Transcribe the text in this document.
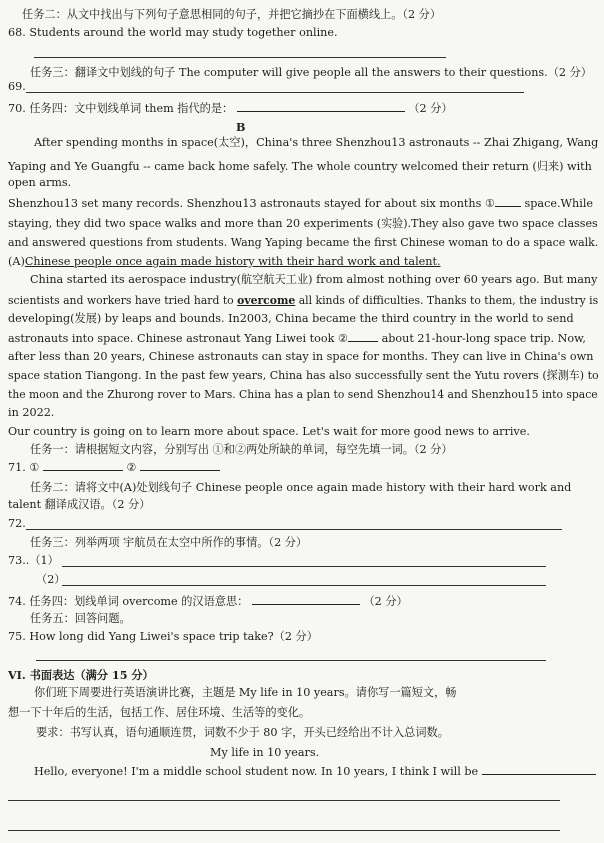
任务二：从文中找出与下列句子意思相同的句子，并把它摘抄在下面横线上。（2 分）
68. Students around the world may study together online.
任务三：翻译文中划线的句子 The computer will give people all the answers to their questions.（2 分）
69.
70. 任务四：文中划线单词 them 指代的是：	（2 分）
B
After spending months in space(太空)，China's three Shenzhou13 astronauts -- Zhai Zhigang, Wang
Yaping and Ye Guangfu -- came back home safely. The whole country welcomed their return (归来) with
open arms.
Shenzhou13 set many records. Shenzhou13 astronauts stayed for about six months ①	space.While
staying, they did two space walks and more than 20 experiments (实验).They also gave two space classes
and answered questions from students. Wang Yaping became the first Chinese woman to do a space walk.
(A)Chinese people once again made history with their hard work and talent.
China started its aerospace industry(航空航天工业) from almost nothing over 60 years ago. But many
scientists and workers have tried hard to overcome all kinds of difficulties. Thanks to them, the industry is
developing(发展) by leaps and bounds. In2003, China became the third country in the world to send
astronauts into space. Chinese astronaut Yang Liwei took ②	about 21-hour-long space trip. Now,
after less than 20 years, Chinese astronauts can stay in space for months. They can live in China's own
space station Tiangong. In the past few years, China has also successfully sent the Yutu rovers (探测车) to
the moon and the Zhurong rover to Mars. China has a plan to send Shenzhou14 and Shenzhou15 into space
in 2022.
Our country is going on to learn more about space. Let's wait for more good news to arrive.
任务一：请根据短文内容，分别写出 ①和②两处所缺的单词，每空先填一词。（2 分）
71. ①	②
任务二：请将文中(A)处划线句子 Chinese people once again made history with their hard work and
talent 翻译成汉语。（2 分）
72.
任务三：列举两项 宇航员在太空中所作的事情。（2 分）
73..（1）
（2）
74. 任务四：划线单词 overcome 的汉语意思：	（2 分）
任务五：回答问题。
75. How long did Yang Liwei's space trip take?（2 分）
VI. 书面表达（满分 15 分）
你们班下周要进行英语演讲比赛，主题是 My life in 10 years。请你写一篇短文，畅
想一下十年后的生活，包括工作、居住环境、生活等的变化。
要求：书写认真，语句通顺连贯，词数不少于 80 字，开头已经给出不计入总词数。
My life in 10 years.
Hello, everyone! I'm a middle school student now. In 10 years, I think I will be
